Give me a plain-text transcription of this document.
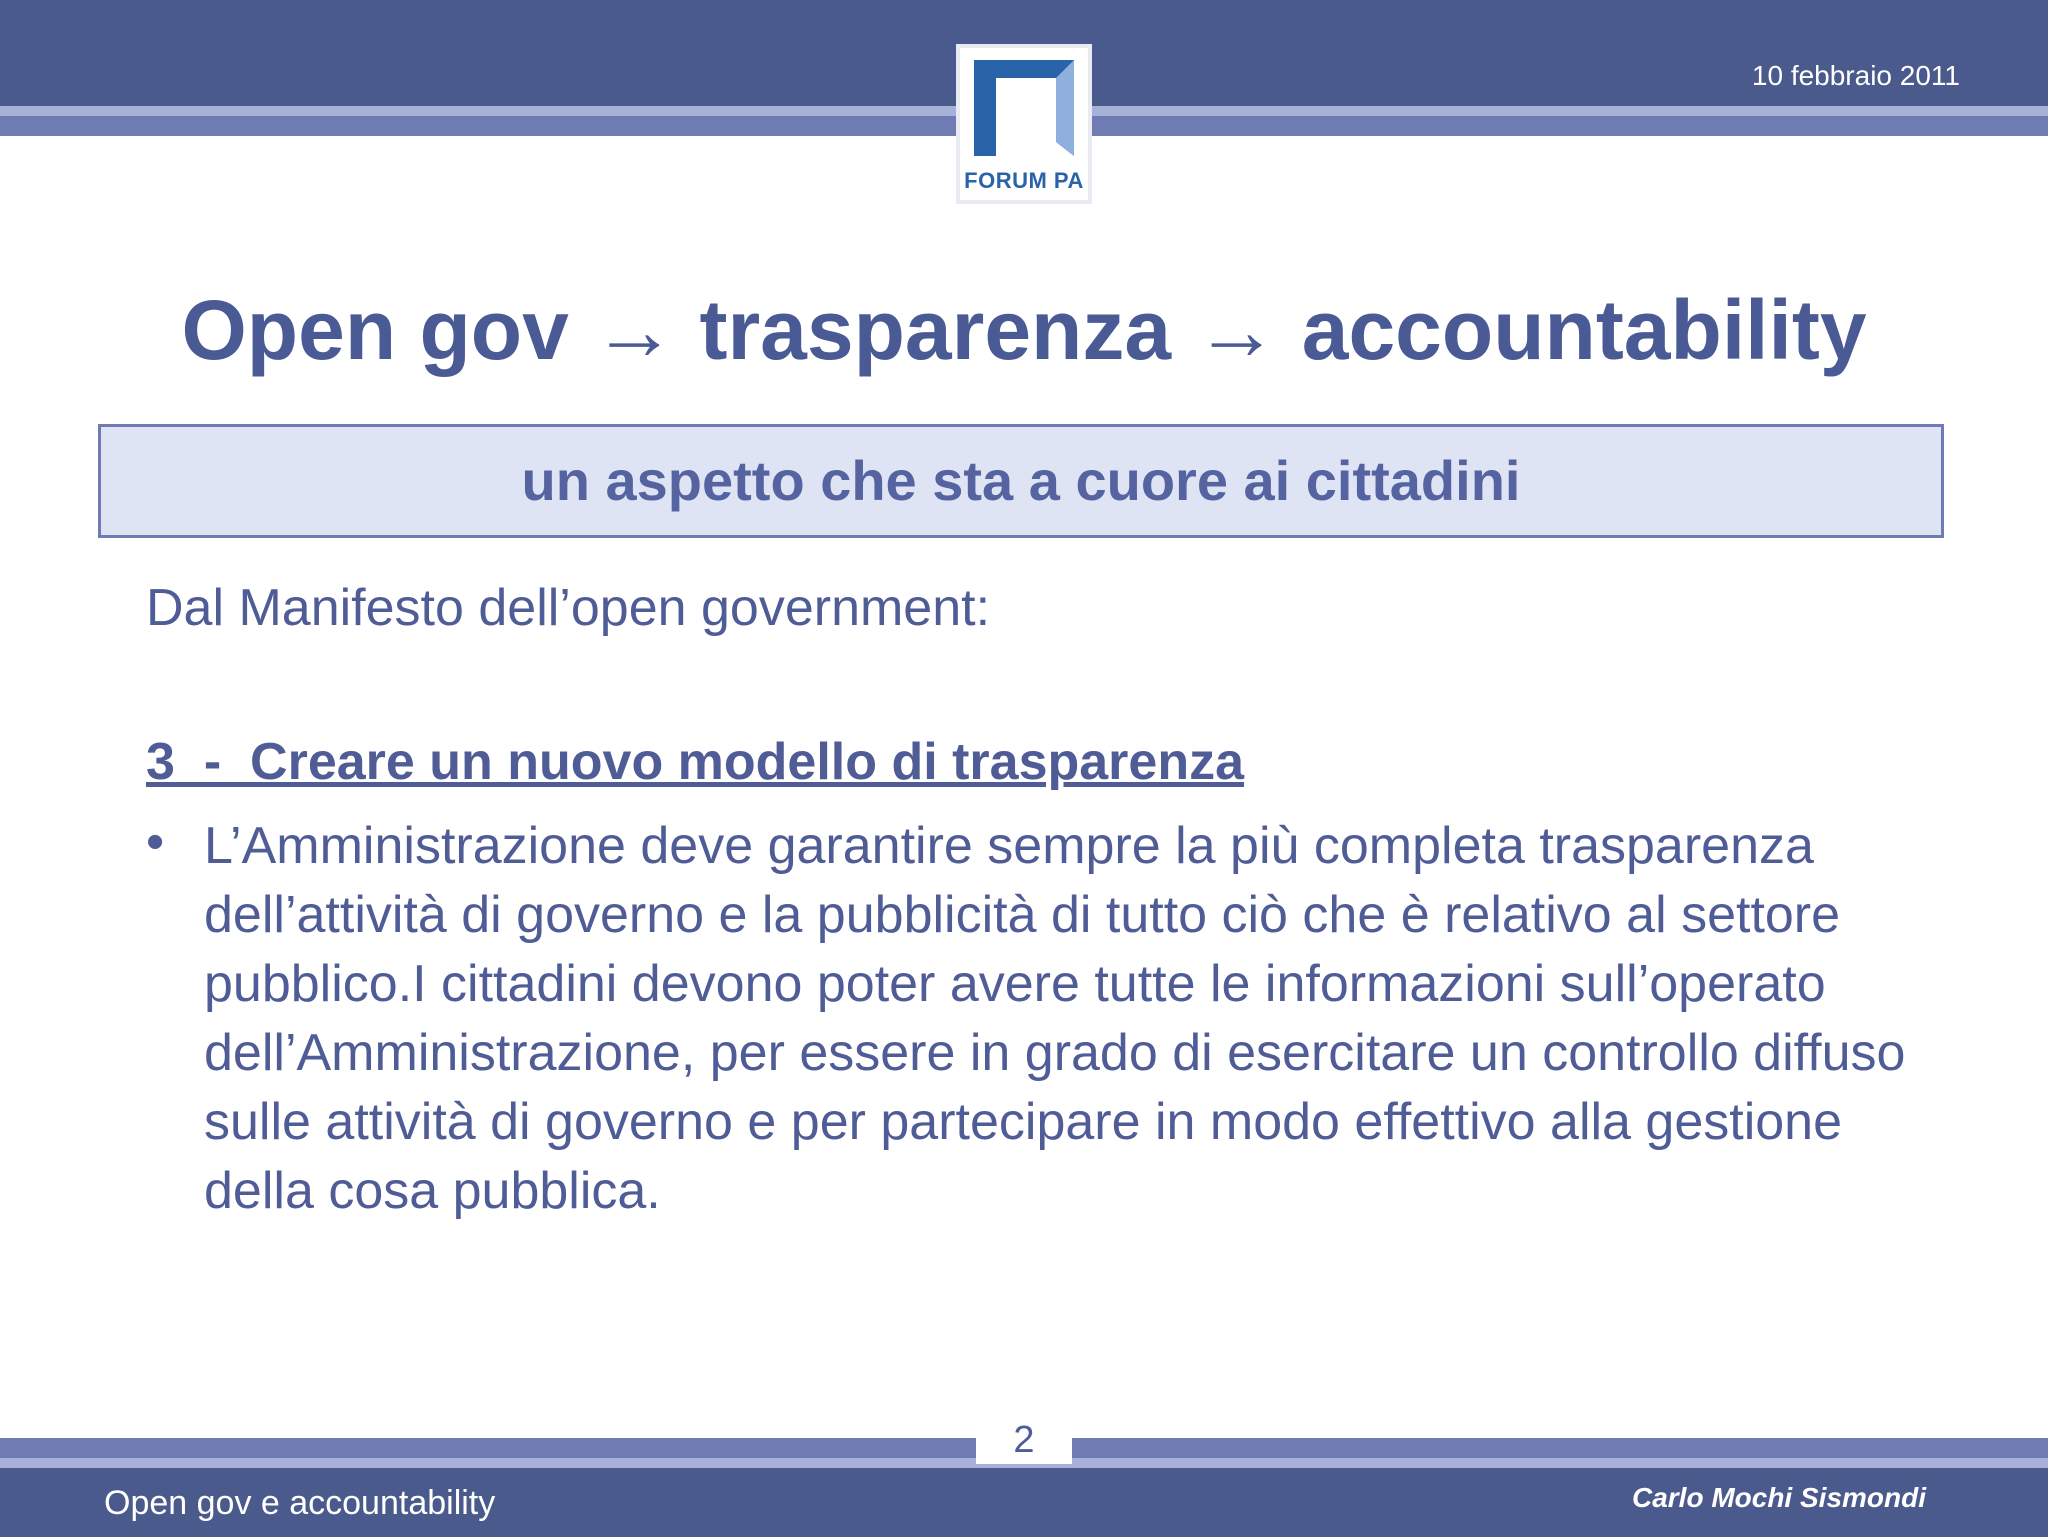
10 febbraio 2011
FORUM PA
Open gov → trasparenza → accountability
un aspetto che sta a cuore ai cittadini
Dal Manifesto dell’open government:
3  -  Creare un nuovo modello di trasparenza
• L’Amministrazione deve garantire sempre la più completa trasparenza dell’attività di governo e la pubblicità di tutto ciò che è relativo al settore pubblico.I cittadini devono poter avere tutte le informazioni sull’operato dell’Amministrazione, per essere in grado di esercitare un controllo diffuso sulle attività di governo e per partecipare in modo effettivo alla gestione della cosa pubblica.
2
Open gov e accountability	Carlo Mochi Sismondi
